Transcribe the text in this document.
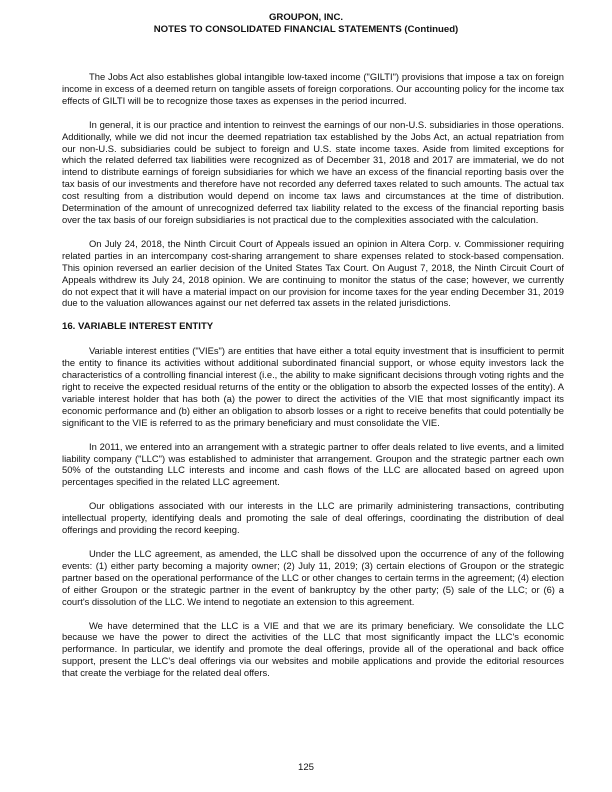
GROUPON, INC.
NOTES TO CONSOLIDATED FINANCIAL STATEMENTS (Continued)

The Jobs Act also establishes global intangible low-taxed income ("GILTI") provisions that impose a tax on foreign income in excess of a deemed return on tangible assets of foreign corporations. Our accounting policy for the income tax effects of GILTI will be to recognize those taxes as expenses in the period incurred.

In general, it is our practice and intention to reinvest the earnings of our non-U.S. subsidiaries in those operations. Additionally, while we did not incur the deemed repatriation tax established by the Jobs Act, an actual repatriation from our non-U.S. subsidiaries could be subject to foreign and U.S. state income taxes. Aside from limited exceptions for which the related deferred tax liabilities were recognized as of December 31, 2018 and 2017 are immaterial, we do not intend to distribute earnings of foreign subsidiaries for which we have an excess of the financial reporting basis over the tax basis of our investments and therefore have not recorded any deferred taxes related to such amounts. The actual tax cost resulting from a distribution would depend on income tax laws and circumstances at the time of distribution. Determination of the amount of unrecognized deferred tax liability related to the excess of the financial reporting basis over the tax basis of our foreign subsidiaries is not practical due to the complexities associated with the calculation.

On July 24, 2018, the Ninth Circuit Court of Appeals issued an opinion in Altera Corp. v. Commissioner requiring related parties in an intercompany cost-sharing arrangement to share expenses related to stock-based compensation. This opinion reversed an earlier decision of the United States Tax Court. On August 7, 2018, the Ninth Circuit Court of Appeals withdrew its July 24, 2018 opinion. We are continuing to monitor the status of the case; however, we currently do not expect that it will have a material impact on our provision for income taxes for the year ending December 31, 2019 due to the valuation allowances against our net deferred tax assets in the related jurisdictions.

16. VARIABLE INTEREST ENTITY

Variable interest entities ("VIEs") are entities that have either a total equity investment that is insufficient to permit the entity to finance its activities without additional subordinated financial support, or whose equity investors lack the characteristics of a controlling financial interest (i.e., the ability to make significant decisions through voting rights and the right to receive the expected residual returns of the entity or the obligation to absorb the expected losses of the entity). A variable interest holder that has both (a) the power to direct the activities of the VIE that most significantly impact its economic performance and (b) either an obligation to absorb losses or a right to receive benefits that could potentially be significant to the VIE is referred to as the primary beneficiary and must consolidate the VIE.

In 2011, we entered into an arrangement with a strategic partner to offer deals related to live events, and a limited liability company ("LLC") was established to administer that arrangement. Groupon and the strategic partner each own 50% of the outstanding LLC interests and income and cash flows of the LLC are allocated based on agreed upon percentages specified in the related LLC agreement.

Our obligations associated with our interests in the LLC are primarily administering transactions, contributing intellectual property, identifying deals and promoting the sale of deal offerings, coordinating the distribution of deal offerings and providing the record keeping.

Under the LLC agreement, as amended, the LLC shall be dissolved upon the occurrence of any of the following events: (1) either party becoming a majority owner; (2) July 11, 2019; (3) certain elections of Groupon or the strategic partner based on the operational performance of the LLC or other changes to certain terms in the agreement; (4) election of either Groupon or the strategic partner in the event of bankruptcy by the other party; (5) sale of the LLC; or (6) a court's dissolution of the LLC. We intend to negotiate an extension to this agreement.

We have determined that the LLC is a VIE and that we are its primary beneficiary. We consolidate the LLC because we have the power to direct the activities of the LLC that most significantly impact the LLC's economic performance. In particular, we identify and promote the deal offerings, provide all of the operational and back office support, present the LLC's deal offerings via our websites and mobile applications and provide the editorial resources that create the verbiage for the related deal offers.

125
